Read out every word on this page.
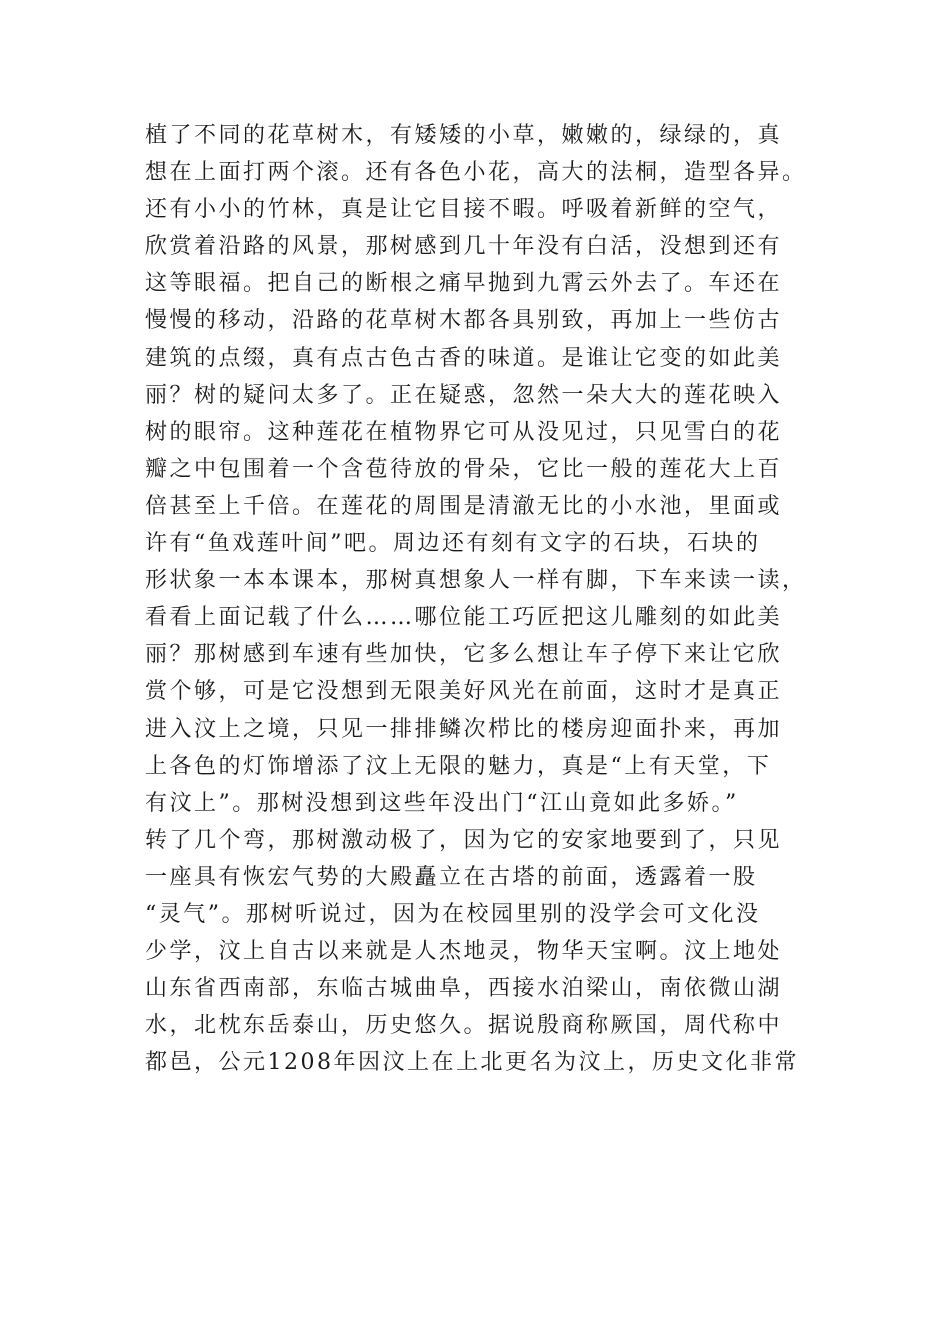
植了不同的花草树木，有矮矮的小草，嫩嫩的，绿绿的，真
想在上面打两个滚。还有各色小花，高大的法桐，造型各异。
还有小小的竹林，真是让它目接不暇。呼吸着新鲜的空气，
欣赏着沿路的风景，那树感到几十年没有白活，没想到还有
这等眼福。把自己的断根之痛早抛到九霄云外去了。车还在
慢慢的移动，沿路的花草树木都各具别致，再加上一些仿古
建筑的点缀，真有点古色古香的味道。是谁让它变的如此美
丽？树的疑问太多了。正在疑惑，忽然一朵大大的莲花映入
树的眼帘。这种莲花在植物界它可从没见过，只见雪白的花
瓣之中包围着一个含苞待放的骨朵，它比一般的莲花大上百
倍甚至上千倍。在莲花的周围是清澈无比的小水池，里面或
许有“鱼戏莲叶间”吧。周边还有刻有文字的石块，石块的
形状象一本本课本，那树真想象人一样有脚，下车来读一读，
看看上面记载了什么……哪位能工巧匠把这儿雕刻的如此美
丽？那树感到车速有些加快，它多么想让车子停下来让它欣
赏个够，可是它没想到无限美好风光在前面，这时才是真正
进入汶上之境，只见一排排鳞次栉比的楼房迎面扑来，再加
上各色的灯饰增添了汶上无限的魅力，真是“上有天堂，下
有汶上”。那树没想到这些年没出门“江山竟如此多娇。”
转了几个弯，那树激动极了，因为它的安家地要到了，只见
一座具有恢宏气势的大殿矗立在古塔的前面，透露着一股
“灵气”。那树听说过，因为在校园里别的没学会可文化没
少学，汶上自古以来就是人杰地灵，物华天宝啊。汶上地处
山东省西南部，东临古城曲阜，西接水泊梁山，南依微山湖
水，北枕东岳泰山，历史悠久。据说殷商称厥国，周代称中
都邑，公元1208年因汶上在上北更名为汶上，历史文化非常
